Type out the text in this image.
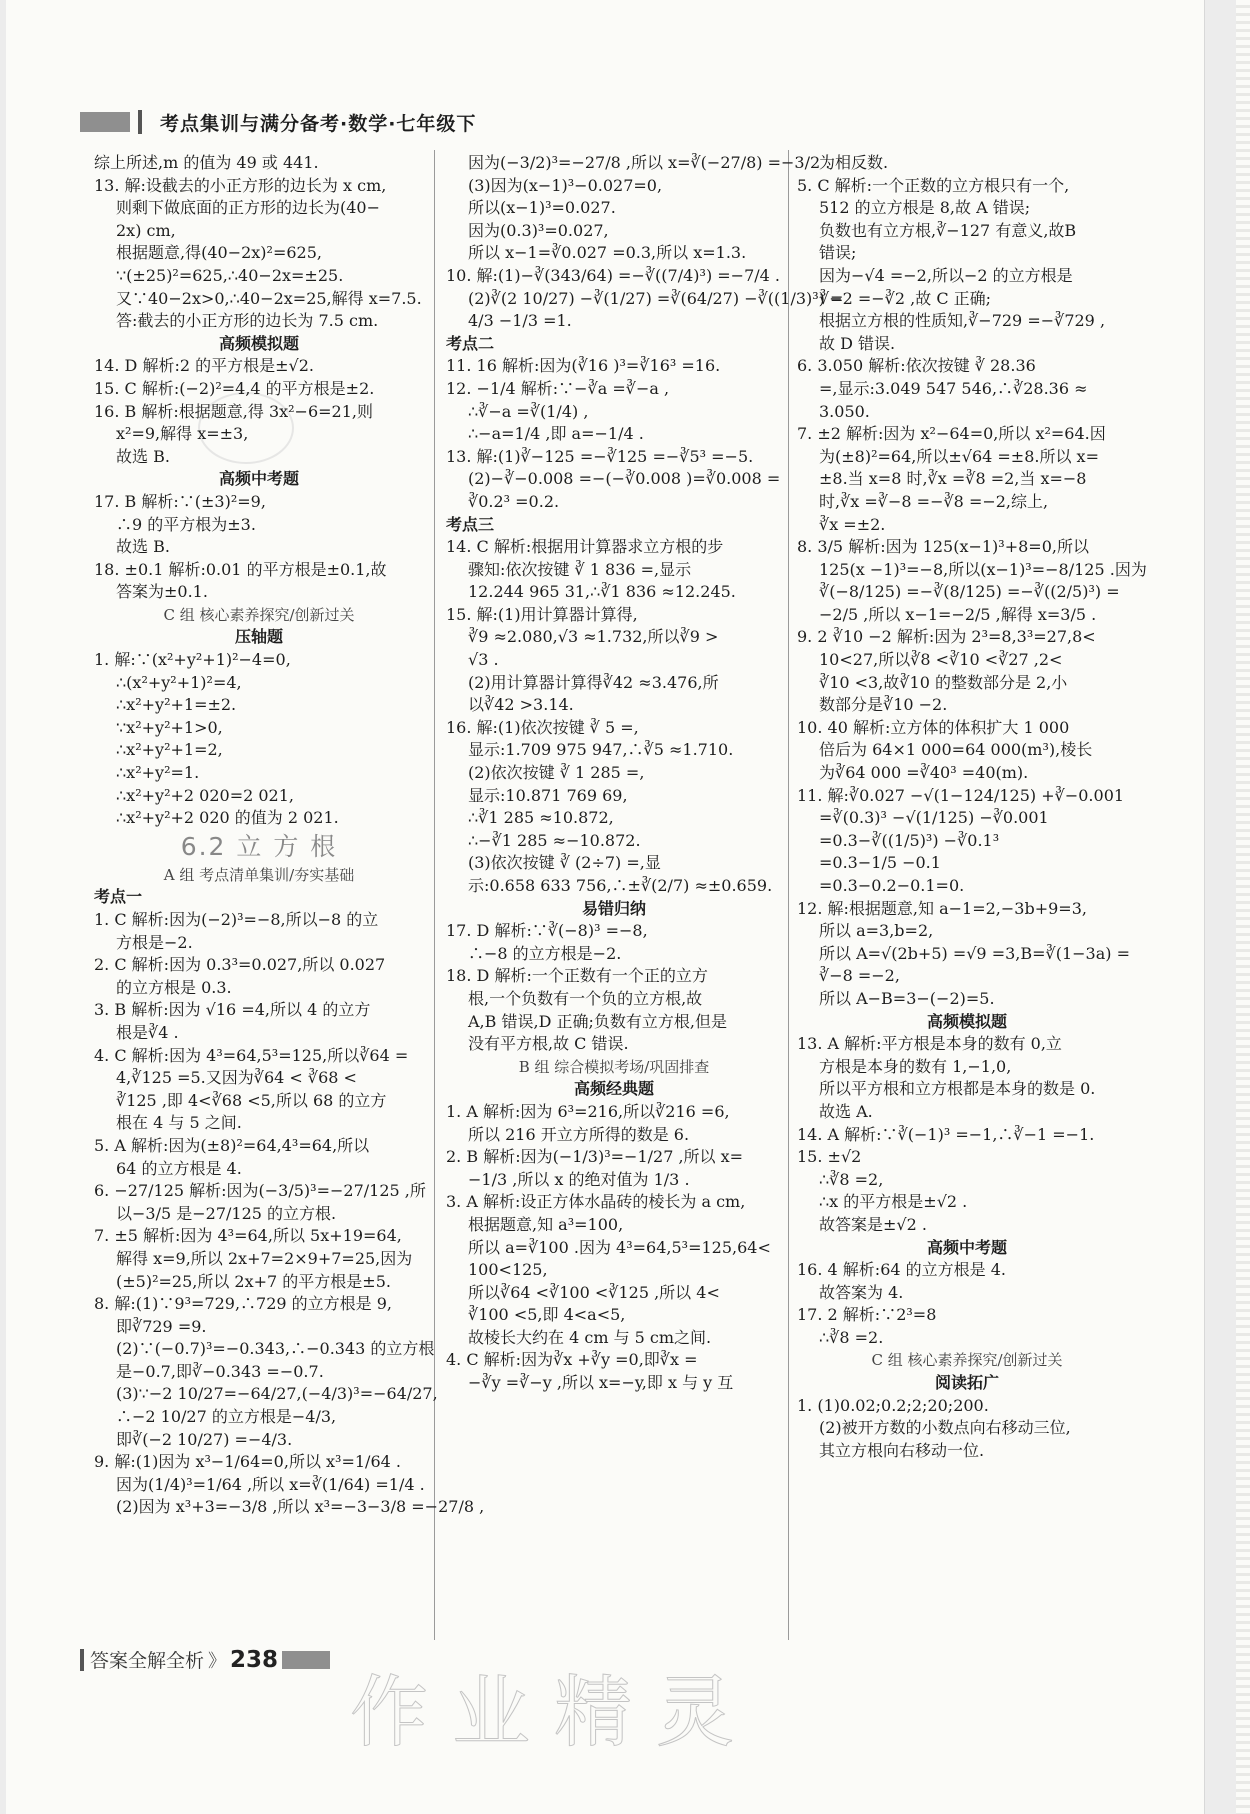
考点集训与满分备考·数学·七年级下

综上所述,m 的值为 49 或 441.

13. 解:设截去的小正方形的边长为 x cm,

则剩下做底面的正方形的边长为(40−

2x) cm,

根据题意,得(40−2x)²=625,

∵(±25)²=625,∴40−2x=±25.

又∵40−2x>0,∴40−2x=25,解得 x=7.5.

答:截去的小正方形的边长为 7.5 cm.

高频模拟题

14. D 解析:2 的平方根是±√2.

15. C 解析:(−2)²=4,4 的平方根是±2.

16. B 解析:根据题意,得 3x²−6=21,则

x²=9,解得 x=±3,

故选 B.

高频中考题

17. B 解析:∵(±3)²=9,

∴9 的平方根为±3.

故选 B.

18. ±0.1 解析:0.01 的平方根是±0.1,故

答案为±0.1.

C 组 核心素养探究/创新过关

压轴题

1. 解:∵(x²+y²+1)²−4=0,

∴(x²+y²+1)²=4,

∴x²+y²+1=±2.

∵x²+y²+1>0,

∴x²+y²+1=2,

∴x²+y²=1.

∴x²+y²+2 020=2 021,

∴x²+y²+2 020 的值为 2 021.

6.2 立 方 根

A 组 考点清单集训/夯实基础

考点一

1. C 解析:因为(−2)³=−8,所以−8 的立

方根是−2.

2. C 解析:因为 0.3³=0.027,所以 0.027

的立方根是 0.3.

3. B 解析:因为 √16 =4,所以 4 的立方

根是∛4 .

4. C 解析:因为 4³=64,5³=125,所以∛64 =

4,∛125 =5.又因为∛64 < ∛68 <

∛125 ,即 4<∛68 <5,所以 68 的立方

根在 4 与 5 之间.

5. A 解析:因为(±8)²=64,4³=64,所以

64 的立方根是 4.

6. −27/125 解析:因为(−3/5)³=−27/125 ,所

以−3/5 是−27/125 的立方根.

7. ±5 解析:因为 4³=64,所以 5x+19=64,

解得 x=9,所以 2x+7=2×9+7=25,因为

(±5)²=25,所以 2x+7 的平方根是±5.

8. 解:(1)∵9³=729,∴729 的立方根是 9,

即∛729 =9.

(2)∵(−0.7)³=−0.343,∴−0.343 的立方根

是−0.7,即∛−0.343 =−0.7.

(3)∵−2 10/27=−64/27,(−4/3)³=−64/27,

∴−2 10/27 的立方根是−4/3,

即∛(−2 10/27) =−4/3.

9. 解:(1)因为 x³−1/64=0,所以 x³=1/64 .

因为(1/4)³=1/64 ,所以 x=∛(1/64) =1/4 .

(2)因为 x³+3=−3/8 ,所以 x³=−3−3/8 =−27/8 ,

因为(−3/2)³=−27/8 ,所以 x=∛(−27/8) =−3/2 .

(3)因为(x−1)³−0.027=0,

所以(x−1)³=0.027.

因为(0.3)³=0.027,

所以 x−1=∛0.027 =0.3,所以 x=1.3.

10. 解:(1)−∛(343/64) =−∛((7/4)³) =−7/4 .

(2)∛(2 10/27) −∛(1/27) =∛(64/27) −∛((1/3)³) =

4/3 −1/3 =1.

考点二

11. 16 解析:因为(∛16 )³=∛16³ =16.

12. −1/4 解析:∵−∛a =∛−a ,

∴∛−a =∛(1/4) ,

∴−a=1/4 ,即 a=−1/4 .

13. 解:(1)∛−125 =−∛125 =−∛5³ =−5.

(2)−∛−0.008 =−(−∛0.008 )=∛0.008 =

∛0.2³ =0.2.

考点三

14. C 解析:根据用计算器求立方根的步

骤知:依次按键 ∛ 1 836 =,显示

12.244 965 31,∴∛1 836 ≈12.245.

15. 解:(1)用计算器计算得,

∛9 ≈2.080,√3 ≈1.732,所以∛9 >

√3 .

(2)用计算器计算得∛42 ≈3.476,所

以∛42 >3.14.

16. 解:(1)依次按键 ∛ 5 =,

显示:1.709 975 947,∴∛5 ≈1.710.

(2)依次按键 ∛ 1 285 =,

显示:10.871 769 69,

∴∛1 285 ≈10.872,

∴−∛1 285 ≈−10.872.

(3)依次按键 ∛ (2÷7) =,显

示:0.658 633 756,∴±∛(2/7) ≈±0.659.

易错归纳

17. D 解析:∵∛(−8)³ =−8,

∴−8 的立方根是−2.

18. D 解析:一个正数有一个正的立方

根,一个负数有一个负的立方根,故

A,B 错误,D 正确;负数有立方根,但是

没有平方根,故 C 错误.

B 组 综合模拟考场/巩固排查

高频经典题

1. A 解析:因为 6³=216,所以∛216 =6,

所以 216 开立方所得的数是 6.

2. B 解析:因为(−1/3)³=−1/27 ,所以 x=

−1/3 ,所以 x 的绝对值为 1/3 .

3. A 解析:设正方体水晶砖的棱长为 a cm,

根据题意,知 a³=100,

所以 a=∛100 .因为 4³=64,5³=125,64<

100<125,

所以∛64 <∛100 <∛125 ,所以 4<

∛100 <5,即 4<a<5,

故棱长大约在 4 cm 与 5 cm之间.

4. C 解析:因为∛x +∛y =0,即∛x =

−∛y =∛−y ,所以 x=−y,即 x 与 y 互

为相反数.

5. C 解析:一个正数的立方根只有一个,

512 的立方根是 8,故 A 错误;

负数也有立方根,∛−127 有意义,故B

错误;

因为−√4 =−2,所以−2 的立方根是

∛−2 =−∛2 ,故 C 正确;

根据立方根的性质知,∛−729 =−∛729 ,

故 D 错误.

6. 3.050 解析:依次按键 ∛ 28.36

=,显示:3.049 547 546,∴∛28.36 ≈

3.050.

7. ±2 解析:因为 x²−64=0,所以 x²=64.因

为(±8)²=64,所以±√64 =±8.所以 x=

±8.当 x=8 时,∛x =∛8 =2,当 x=−8

时,∛x =∛−8 =−∛8 =−2,综上,

∛x =±2.

8. 3/5 解析:因为 125(x−1)³+8=0,所以

125(x −1)³=−8,所以(x−1)³=−8/125 .因为

∛(−8/125) =−∛(8/125) =−∛((2/5)³) =

−2/5 ,所以 x−1=−2/5 ,解得 x=3/5 .

9. 2 ∛10 −2 解析:因为 2³=8,3³=27,8<

10<27,所以∛8 <∛10 <∛27 ,2<

∛10 <3,故∛10 的整数部分是 2,小

数部分是∛10 −2.

10. 40 解析:立方体的体积扩大 1 000

倍后为 64×1 000=64 000(m³),棱长

为∛64 000 =∛40³ =40(m).

11. 解:∛0.027 −√(1−124/125) +∛−0.001

=∛(0.3)³ −√(1/125) −∛0.001

=0.3−∛((1/5)³) −∛0.1³

=0.3−1/5 −0.1

=0.3−0.2−0.1=0.

12. 解:根据题意,知 a−1=2,−3b+9=3,

所以 a=3,b=2,

所以 A=√(2b+5) =√9 =3,B=∛(1−3a) =

∛−8 =−2,

所以 A−B=3−(−2)=5.

高频模拟题

13. A 解析:平方根是本身的数有 0,立

方根是本身的数有 1,−1,0,

所以平方根和立方根都是本身的数是 0.

故选 A.

14. A 解析:∵∛(−1)³ =−1,∴∛−1 =−1.

15. ±√2

∴∛8 =2,

∴x 的平方根是±√2 .

故答案是±√2 .

高频中考题

16. 4 解析:64 的立方根是 4.

故答案为 4.

17. 2 解析:∵2³=8

∴∛8 =2.

C 组 核心素养探究/创新过关

阅读拓广

1. (1)0.02;0.2;2;20;200.

(2)被开方数的小数点向右移动三位,

其立方根向右移动一位.

答案全解全析 》 238
作业精灵
